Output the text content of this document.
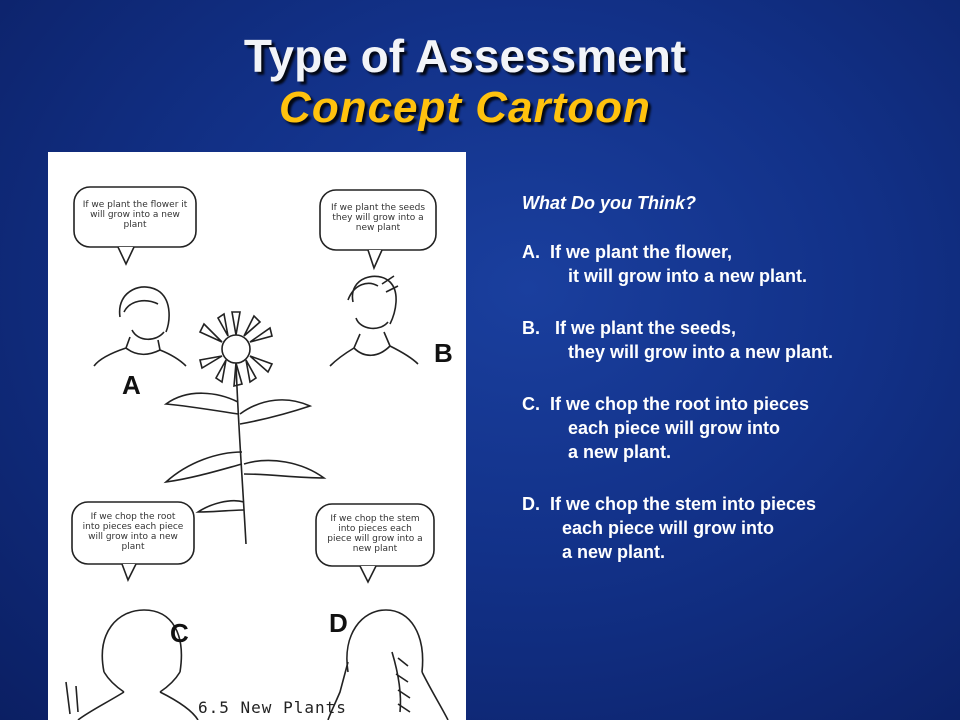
Type of Assessment
Concept Cartoon
If we plant the flower it
will grow into a new
plant
If we plant the seeds
they will grow into a
new plant
If we chop the root
into pieces each piece
will grow into a new
plant
If we chop the stem
into pieces each
piece will grow into a
new plant
A
B
C	D
6.5 New Plants
What Do you Think?
A. If we plant the flower,
it will grow into a new plant.
B. If we plant the seeds,
they will grow into a new plant.
C. If we chop the root into pieces
each piece will grow into
a new plant.
D. If we chop the stem into pieces
each piece will grow into
a new plant.
